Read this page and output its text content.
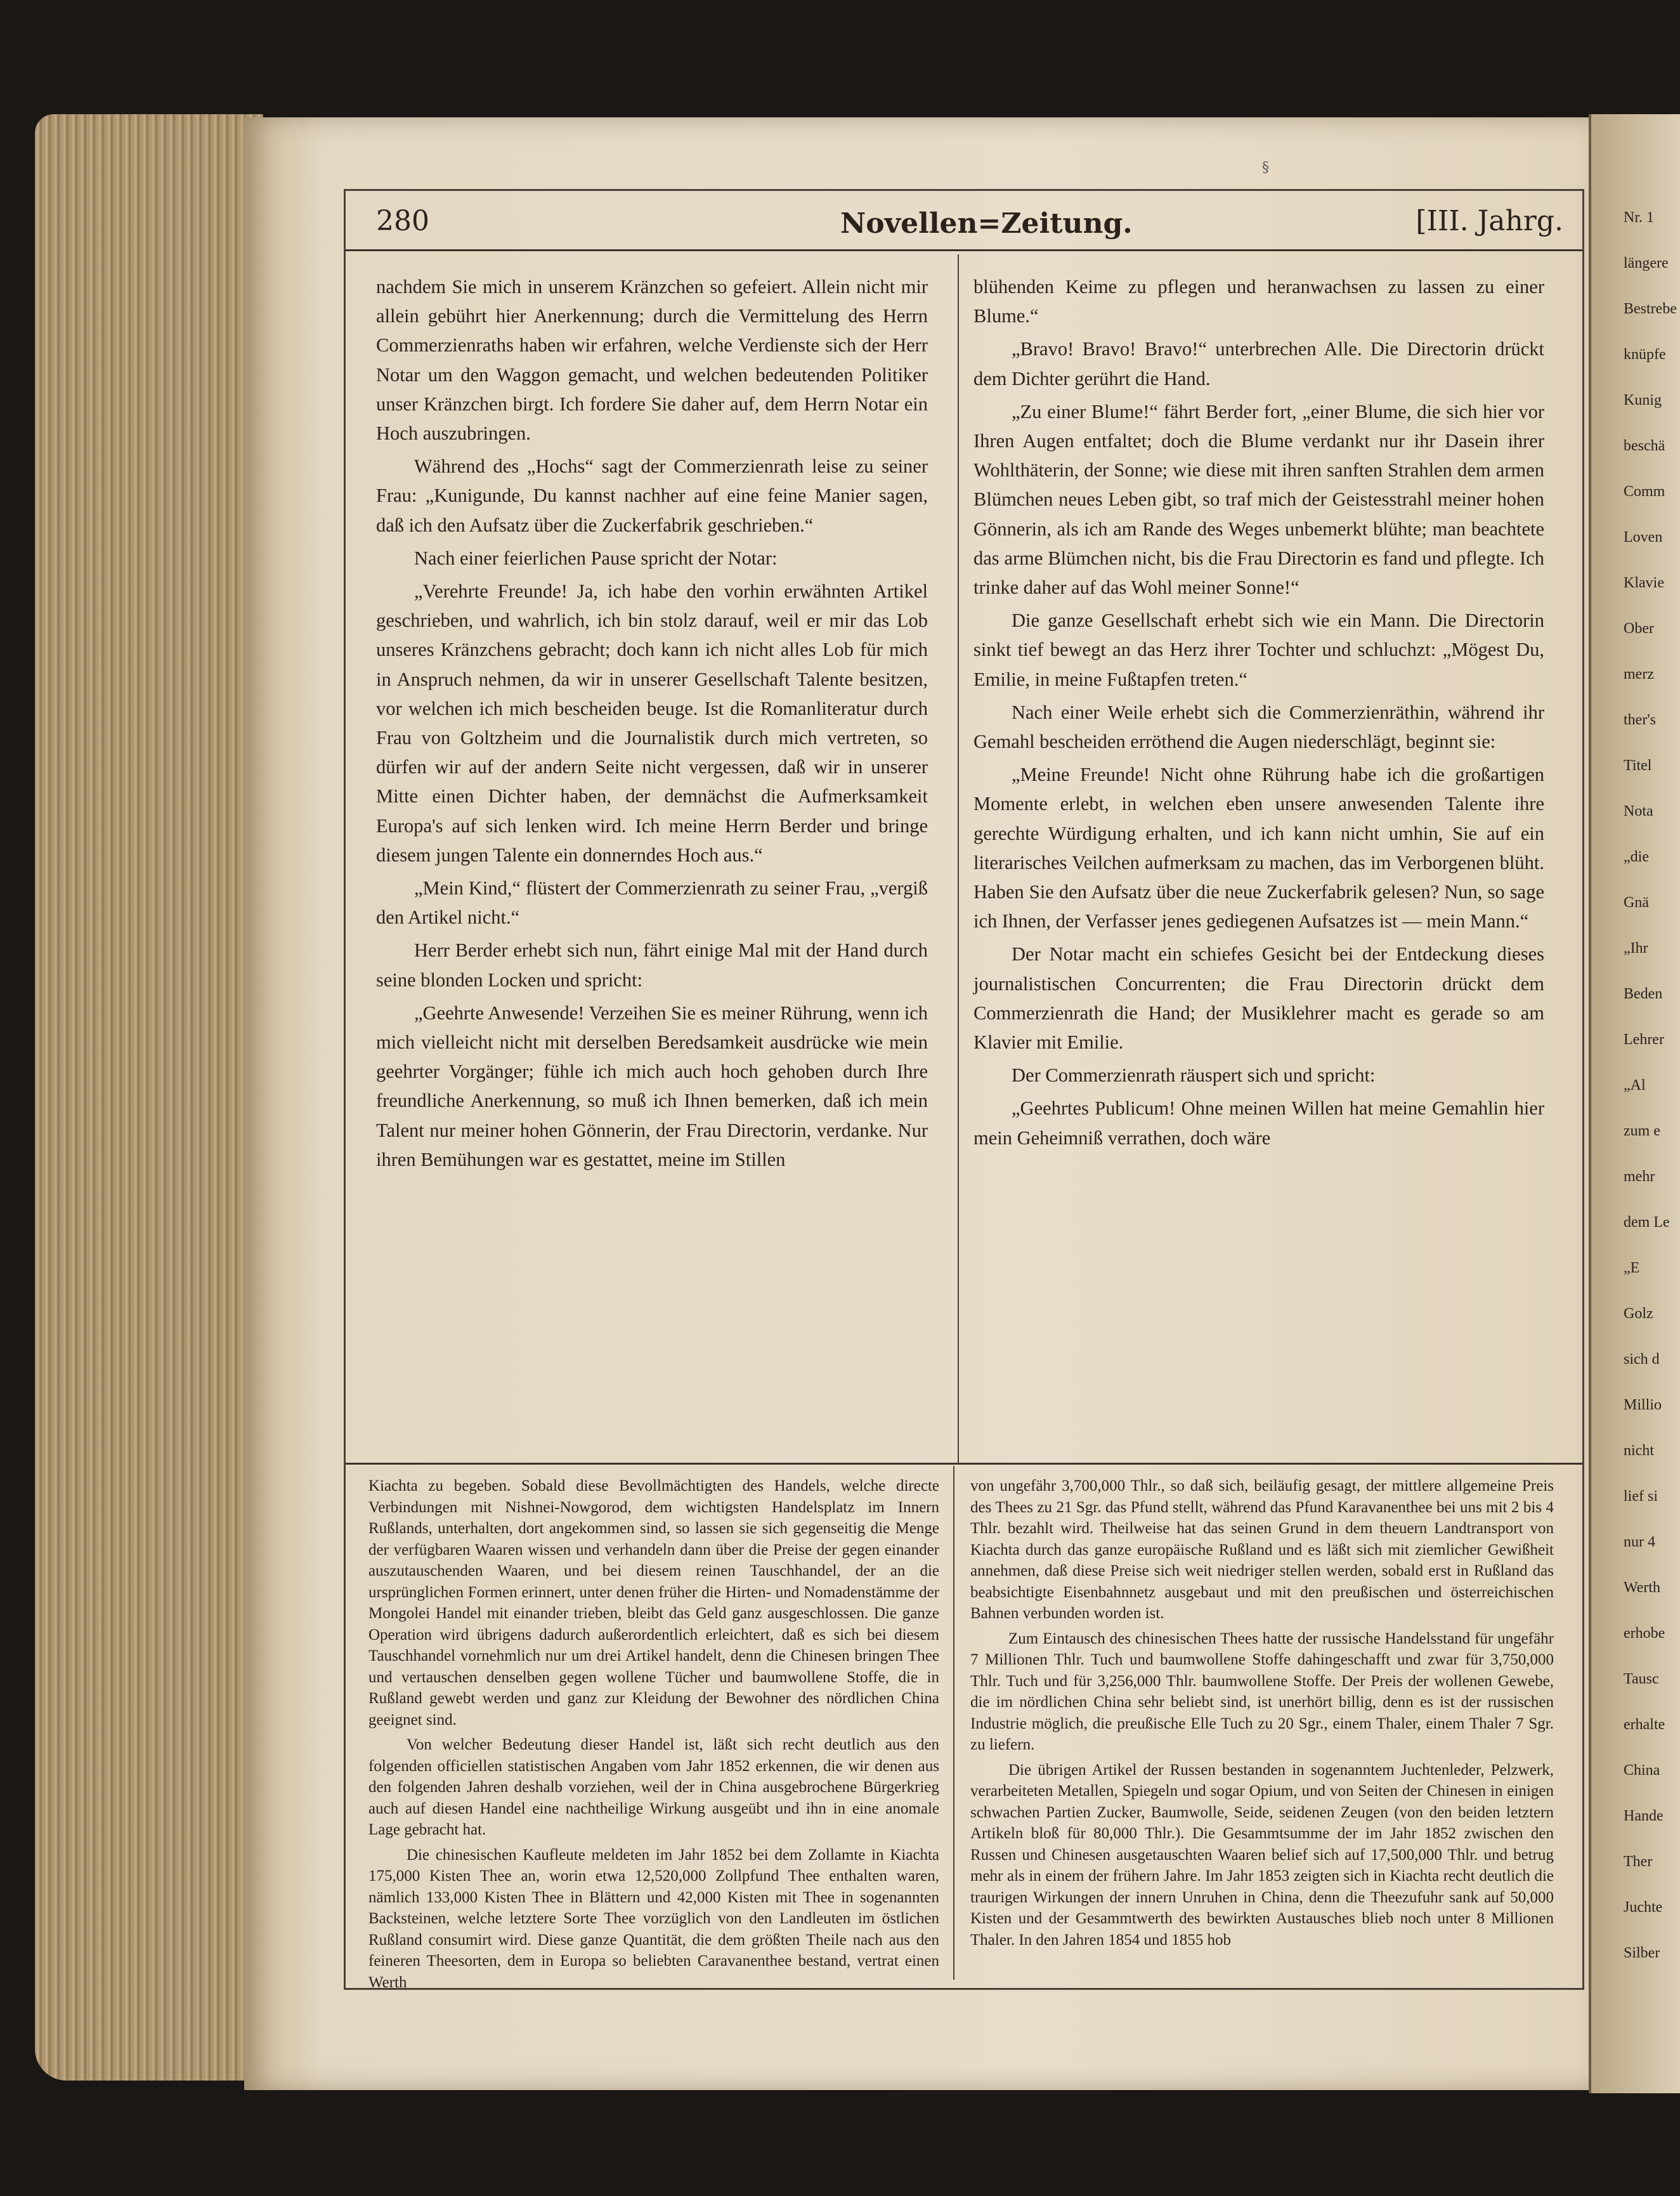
§
280	Novellen=Zeitung.	[III. Jahrg.

nachdem Sie mich in unserem Kränzchen so gefeiert. Allein nicht mir allein gebührt hier Anerkennung; durch die Vermittelung des Herrn Commerzienraths haben wir erfahren, welche Verdienste sich der Herr Notar um den Waggon gemacht, und welchen bedeutenden Politiker unser Kränzchen birgt. Ich fordere Sie daher auf, dem Herrn Notar ein Hoch auszubringen.

Während des „Hochs“ sagt der Commerzienrath leise zu seiner Frau: „Kunigunde, Du kannst nachher auf eine feine Manier sagen, daß ich den Aufsatz über die Zuckerfabrik geschrieben.“

Nach einer feierlichen Pause spricht der Notar:

„Verehrte Freunde! Ja, ich habe den vorhin erwähnten Artikel geschrieben, und wahrlich, ich bin stolz darauf, weil er mir das Lob unseres Kränzchens gebracht; doch kann ich nicht alles Lob für mich in Anspruch nehmen, da wir in unserer Gesellschaft Talente besitzen, vor welchen ich mich bescheiden beuge. Ist die Romanliteratur durch Frau von Goltzheim und die Journalistik durch mich vertreten, so dürfen wir auf der andern Seite nicht vergessen, daß wir in unserer Mitte einen Dichter haben, der demnächst die Aufmerksamkeit Europa's auf sich lenken wird. Ich meine Herrn Berder und bringe diesem jungen Talente ein donnerndes Hoch aus.“

„Mein Kind,“ flüstert der Commerzienrath zu seiner Frau, „vergiß den Artikel nicht.“

Herr Berder erhebt sich nun, fährt einige Mal mit der Hand durch seine blonden Locken und spricht:

„Geehrte Anwesende! Verzeihen Sie es meiner Rührung, wenn ich mich vielleicht nicht mit derselben Beredsamkeit ausdrücke wie mein geehrter Vorgänger; fühle ich mich auch hoch gehoben durch Ihre freundliche Anerkennung, so muß ich Ihnen bemerken, daß ich mein Talent nur meiner hohen Gönnerin, der Frau Directorin, verdanke. Nur ihren Bemühungen war es gestattet, meine im Stillen

blühenden Keime zu pflegen und heranwachsen zu lassen zu einer Blume.“

„Bravo! Bravo! Bravo!“ unterbrechen Alle. Die Directorin drückt dem Dichter gerührt die Hand.

„Zu einer Blume!“ fährt Berder fort, „einer Blume, die sich hier vor Ihren Augen entfaltet; doch die Blume verdankt nur ihr Dasein ihrer Wohlthäterin, der Sonne; wie diese mit ihren sanften Strahlen dem armen Blümchen neues Leben gibt, so traf mich der Geistesstrahl meiner hohen Gönnerin, als ich am Rande des Weges unbemerkt blühte; man beachtete das arme Blümchen nicht, bis die Frau Directorin es fand und pflegte. Ich trinke daher auf das Wohl meiner Sonne!“

Die ganze Gesellschaft erhebt sich wie ein Mann. Die Directorin sinkt tief bewegt an das Herz ihrer Tochter und schluchzt: „Mögest Du, Emilie, in meine Fußtapfen treten.“

Nach einer Weile erhebt sich die Commerzienräthin, während ihr Gemahl bescheiden erröthend die Augen niederschlägt, beginnt sie:

„Meine Freunde! Nicht ohne Rührung habe ich die großartigen Momente erlebt, in welchen eben unsere anwesenden Talente ihre gerechte Würdigung erhalten, und ich kann nicht umhin, Sie auf ein literarisches Veilchen aufmerksam zu machen, das im Verborgenen blüht. Haben Sie den Aufsatz über die neue Zuckerfabrik gelesen? Nun, so sage ich Ihnen, der Verfasser jenes gediegenen Aufsatzes ist — mein Mann.“

Der Notar macht ein schiefes Gesicht bei der Entdeckung dieses journalistischen Concurrenten; die Frau Directorin drückt dem Commerzienrath die Hand; der Musiklehrer macht es gerade so am Klavier mit Emilie.

Der Commerzienrath räuspert sich und spricht:

„Geehrtes Publicum! Ohne meinen Willen hat meine Gemahlin hier mein Geheimniß verrathen, doch wäre

Kiachta zu begeben. Sobald diese Bevollmächtigten des Handels, welche directe Verbindungen mit Nishnei-Nowgorod, dem wichtigsten Handelsplatz im Innern Rußlands, unterhalten, dort angekommen sind, so lassen sie sich gegenseitig die Menge der verfügbaren Waaren wissen und verhandeln dann über die Preise der gegen einander auszutauschenden Waaren, und bei diesem reinen Tauschhandel, der an die ursprünglichen Formen erinnert, unter denen früher die Hirten- und Nomadenstämme der Mongolei Handel mit einander trieben, bleibt das Geld ganz ausgeschlossen. Die ganze Operation wird übrigens dadurch außerordentlich erleichtert, daß es sich bei diesem Tauschhandel vornehmlich nur um drei Artikel handelt, denn die Chinesen bringen Thee und vertauschen denselben gegen wollene Tücher und baumwollene Stoffe, die in Rußland gewebt werden und ganz zur Kleidung der Bewohner des nördlichen China geeignet sind.

Von welcher Bedeutung dieser Handel ist, läßt sich recht deutlich aus den folgenden officiellen statistischen Angaben vom Jahr 1852 erkennen, die wir denen aus den folgenden Jahren deshalb vorziehen, weil der in China ausgebrochene Bürgerkrieg auch auf diesen Handel eine nachtheilige Wirkung ausgeübt und ihn in eine anomale Lage gebracht hat.

Die chinesischen Kaufleute meldeten im Jahr 1852 bei dem Zollamte in Kiachta 175,000 Kisten Thee an, worin etwa 12,520,000 Zollpfund Thee enthalten waren, nämlich 133,000 Kisten Thee in Blättern und 42,000 Kisten mit Thee in sogenannten Backsteinen, welche letztere Sorte Thee vorzüglich von den Landleuten im östlichen Rußland consumirt wird. Diese ganze Quantität, die dem größten Theile nach aus den feineren Theesorten, dem in Europa so beliebten Caravanenthee bestand, vertrat einen Werth

von ungefähr 3,700,000 Thlr., so daß sich, beiläufig gesagt, der mittlere allgemeine Preis des Thees zu 21 Sgr. das Pfund stellt, während das Pfund Karavanenthee bei uns mit 2 bis 4 Thlr. bezahlt wird. Theilweise hat das seinen Grund in dem theuern Landtransport von Kiachta durch das ganze europäische Rußland und es läßt sich mit ziemlicher Gewißheit annehmen, daß diese Preise sich weit niedriger stellen werden, sobald erst in Rußland das beabsichtigte Eisenbahnnetz ausgebaut und mit den preußischen und österreichischen Bahnen verbunden worden ist.

Zum Eintausch des chinesischen Thees hatte der russische Handelsstand für ungefähr 7 Millionen Thlr. Tuch und baumwollene Stoffe dahingeschafft und zwar für 3,750,000 Thlr. Tuch und für 3,256,000 Thlr. baumwollene Stoffe. Der Preis der wollenen Gewebe, die im nördlichen China sehr beliebt sind, ist unerhört billig, denn es ist der russischen Industrie möglich, die preußische Elle Tuch zu 20 Sgr., einem Thaler, einem Thaler 7 Sgr. zu liefern.

Die übrigen Artikel der Russen bestanden in sogenanntem Juchtenleder, Pelzwerk, verarbeiteten Metallen, Spiegeln und sogar Opium, und von Seiten der Chinesen in einigen schwachen Partien Zucker, Baumwolle, Seide, seidenen Zeugen (von den beiden letztern Artikeln bloß für 80,000 Thlr.). Die Gesammtsumme der im Jahr 1852 zwischen den Russen und Chinesen ausgetauschten Waaren belief sich auf 17,500,000 Thlr. und betrug mehr als in einem der frühern Jahre. Im Jahr 1853 zeigten sich in Kiachta recht deutlich die traurigen Wirkungen der innern Unruhen in China, denn die Theezufuhr sank auf 50,000 Kisten und der Gesammtwerth des bewirkten Austausches blieb noch unter 8 Millionen Thaler. In den Jahren 1854 und 1855 hob

Nr. 1
längere
Bestrebe
knüpfe
Kunig
beschä
Comm
Loven
Klavie
Ober
merz
ther's
Titel
Nota
„die
Gnä
„Ihr
Beden
Lehrer
„Al
zum e
mehr
dem Le
„E
Golz
sich d
Millio
nicht
lief si
nur 4
Werth
erhobe
Tausc
erhalte
China
Hande
Ther
Juchte
Silber
